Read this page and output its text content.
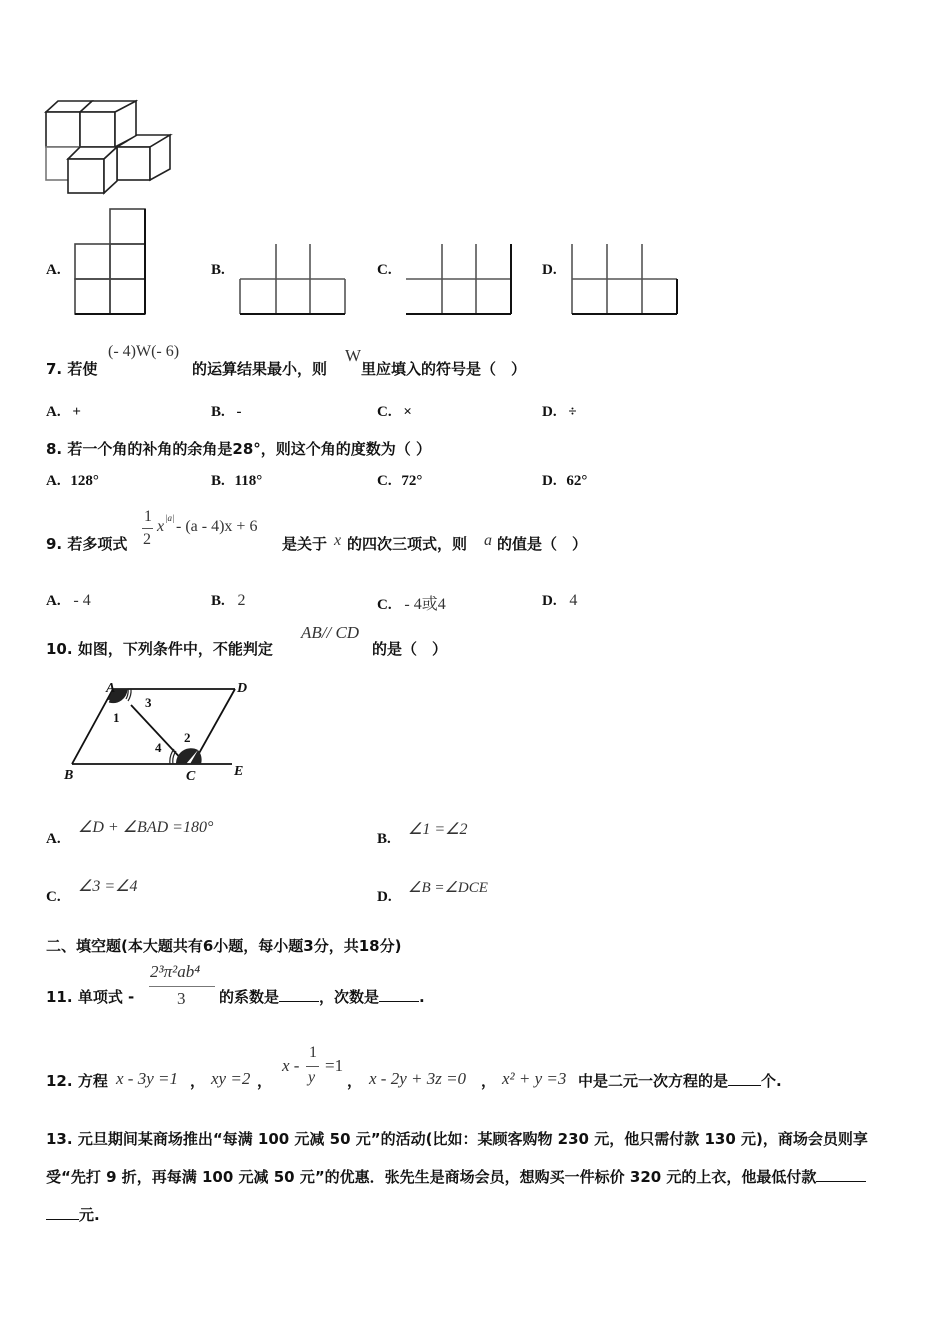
A.	B.	C.	D.
7. 若使
(- 4)W(- 6)
的运算结果最小，则
W
里应填入的符号是（　）
A. +	B. -	C. ×	D. ÷
8. 若一个角的补角的余角是28°，则这个角的度数为（ ）
A. 128°	B. 118°	C. 72°	D. 62°
9. 若多项式
1
2
x |a| - (a - 4)x + 6
是关于 x 的四次三项式，则 a 的值是（　）
A. - 4	B. 2	C. - 4或4	D. 4
10. 如图，下列条件中，不能判定
AB// CD
的是（　）
A	D
B	C	E
1
3
4
2
A.
∠D + ∠BAD =180°
B.
∠1 =∠2
C.
∠3 =∠4
D.
∠B =∠DCE
二、填空题(本大题共有6小题，每小题3分，共18分)
11. 单项式 -
2³π²ab⁴
3 的系数是	，次数是	.
12. 方程 x - 3y =1 ， xy =2 ，
x -
1
y
=1
， x - 2y + 3z =0 ， x² + y =3 中是二元一次方程的是 个.
13. 元旦期间某商场推出“每满 100 元减 50 元”的活动(比如：某顾客购物 230 元，他只需付款 130 元)，商场会员则享
受“先打 9 折，再每满 100 元减 50 元”的优惠．张先生是商场会员，想购买一件标价 320 元的上衣，他最低付款
元.
